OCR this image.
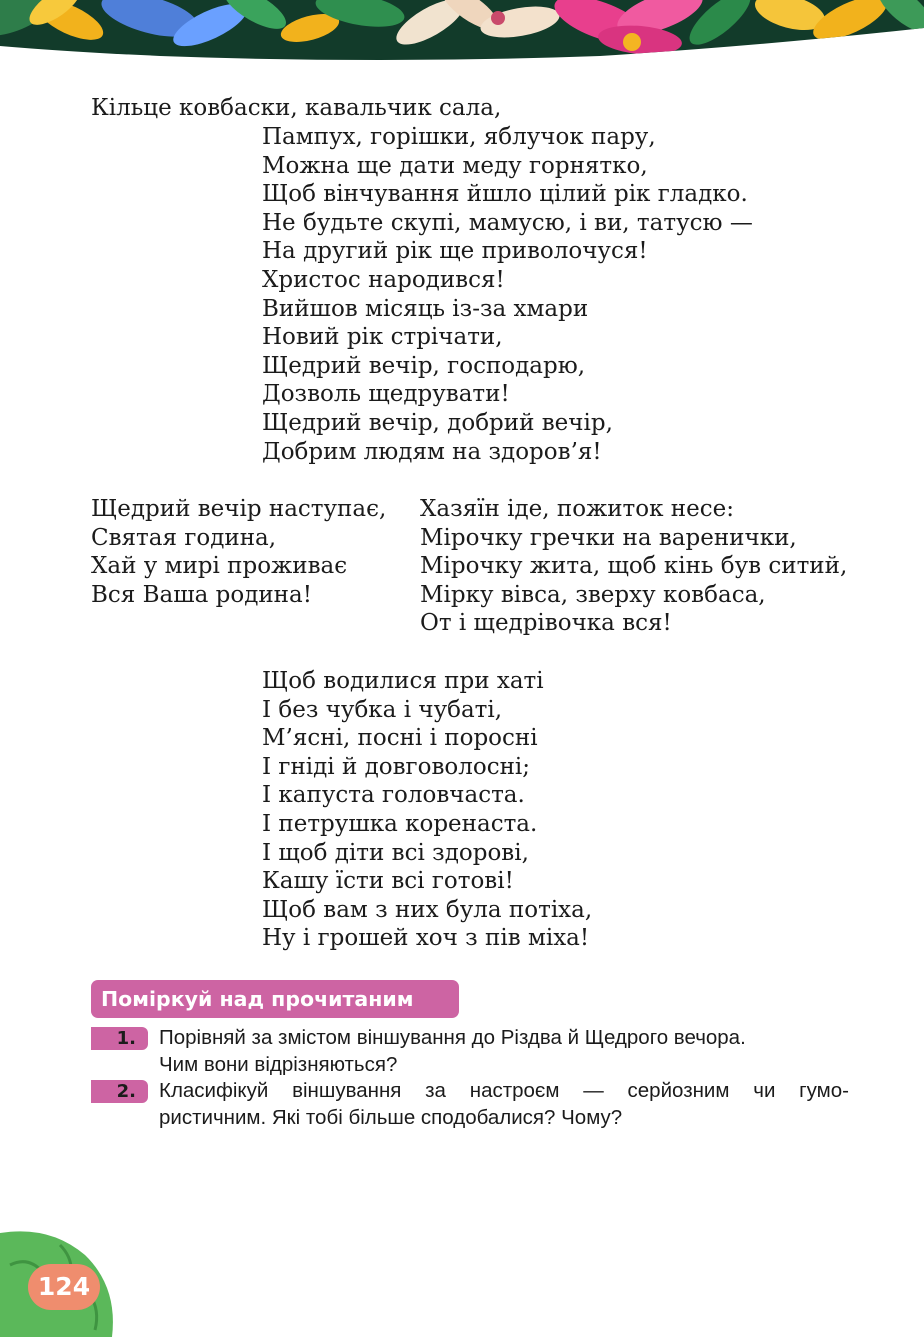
Кільце ковбаски, кавальчик сала,
Пампух, горішки, яблучок пару,
Можна ще дати меду горнятко,
Щоб вінчування йшло цілий рік гладко.
Не будьте скупі, мамусю, і ви, татусю —
На другий рік ще приволочуся!
Христос народився!
Вийшов місяць із-за хмари
Новий рік стрічати,
Щедрий вечір, господарю,
Дозволь щедрувати!
Щедрий вечір, добрий вечір,
Добрим людям на здоров’я!
Щедрий вечір наступає,
Святая година,
Хай у мирі проживає
Вся Ваша родина!
Хазяїн іде, пожиток несе:
Мірочку гречки на варенички,
Мірочку жита, щоб кінь був ситий,
Мірку вівса, зверху ковбаса,
От і щедрівочка вся!
Щоб водилися при хаті
І без чубка і чубаті,
М’ясні, посні і поросні
І гніді й довговолосні;
І капуста головчаста.
І петрушка коренаста.
І щоб діти всі здорові,
Кашу їсти всі готові!
Щоб вам з них була потіха,
Ну і грошей хоч з пів міха!
Поміркуй над прочитаним
1.	Порівняй за змістом віншування до Різдва й Щедрого вечора.
Чим вони відрізняються?
2.	Класифікуй віншування за настроєм — серйозним чи гумо-
ристичним. Які тобі більше сподобалися? Чому?
124
